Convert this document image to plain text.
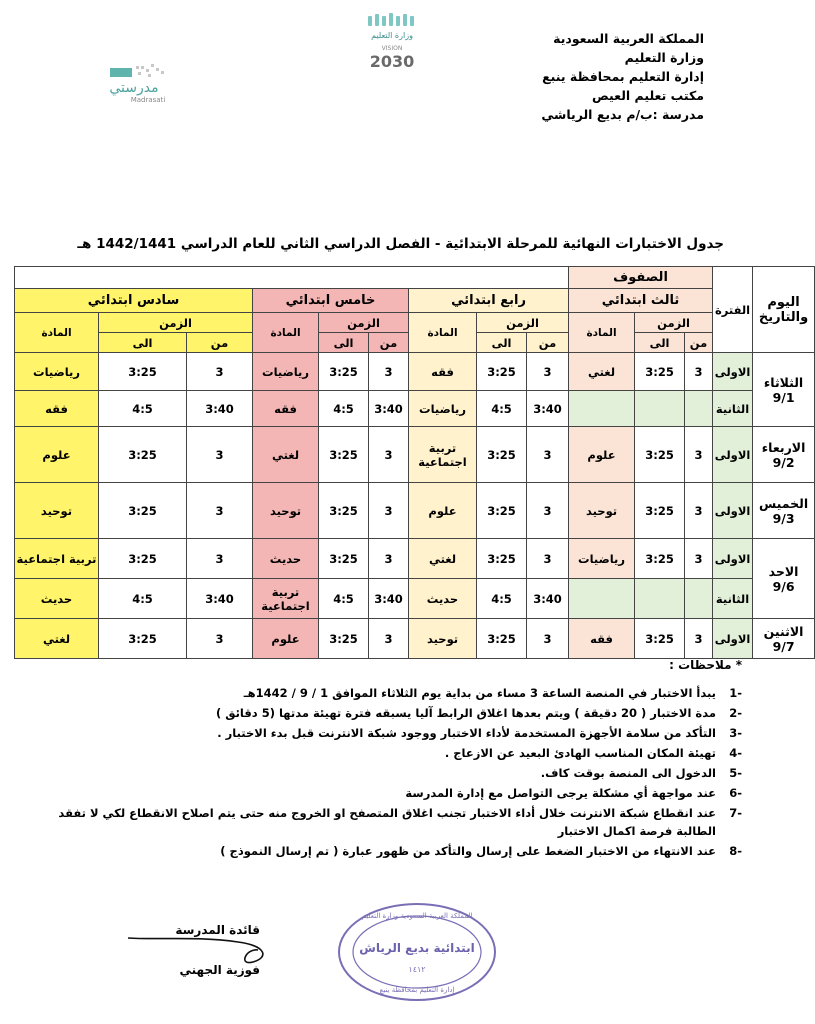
وزارة التعليم
VISION
2030
مدرستي
Madrasati
المملكة العربية السعودية
وزارة التعليم
إدارة التعليم بمحافظة ينبع
مكتب تعليم العيص
مدرسة :ب/م بديع الرياشي
جدول الاختبارات النهائية للمرحلة الابتدائية - الفصل الدراسي الثاني للعام الدراسي 1442/1441 هـ
اليوم والتاريخ	الفترة	الصفوف											
		ثالث ابتدائي			رابع ابتدائي			خامس ابتدائي			سادس ابتدائي		
		الزمن		المادة	الزمن		المادة	الزمن		المادة	الزمن		المادة
		من	الى		من	الى		من	الى		من	الى	

الثلاثاء
9/1	الاولى	3	3:25	لغتي	3	3:25	فقه	3	3:25	رياضيات	3	3:25	رياضيات
	الثانية				3:40	4:5	رياضيات	3:40	4:5	فقه	3:40	4:5	فقه

الاربعاء
9/2	الاولى	3	3:25	علوم	3	3:25	تربية اجتماعية	3	3:25	لغتي	3	3:25	علوم

الخميس
9/3	الاولى	3	3:25	توحيد	3	3:25	علوم	3	3:25	توحيد	3	3:25	توحيد

الاحد
9/6	الاولى	3	3:25	رياضيات	3	3:25	لغتي	3	3:25	حديث	3	3:25	تربية اجتماعية
	الثانية				3:40	4:5	حديث	3:40	4:5	تربية اجتماعية	3:40	4:5	حديث

الاثنين
9/7	الاولى	3	3:25	فقه	3	3:25	توحيد	3	3:25	علوم	3	3:25	لغتي
* ملاحظات :
-1
يبدأ الاختبار في المنصة الساعة 3 مساء من بداية يوم الثلاثاء الموافق 1 / 9 / 1442هـ
-2
مدة الاختبار ( 20 دقيقة ) ويتم بعدها اغلاق الرابط آليا يسبقه فترة تهيئة مدتها (5 دقائق )
-3
التأكد من سلامة الأجهزة المستخدمة لأداء الاختبار ووجود شبكة الانترنت قبل بدء الاختبار .
-4
تهيئة المكان المناسب الهادئ البعيد عن الازعاج .
-5
الدخول الى المنصة بوقت كاف.
-6
عند مواجهة أي مشكلة يرجى التواصل مع إدارة المدرسة
-7
عند انقطاع شبكة الانترنت خلال أداء الاختبار تجنب اغلاق المتصفح او الخروج منه حتى يتم اصلاح الانقطاع لكي لا تفقد الطالبة فرصة اكمال الاختبار
-8
عند الانتهاء من الاختبار الضغط على إرسال والتأكد من ظهور عبارة ( تم إرسال النموذج )
قائدة المدرسة
فوزية الجهني
المملكة العربية السعودية وزارة التعليم
ابتدائية بديع الرياش
١٤١٢
إدارة التعليم بمحافظة ينبع
